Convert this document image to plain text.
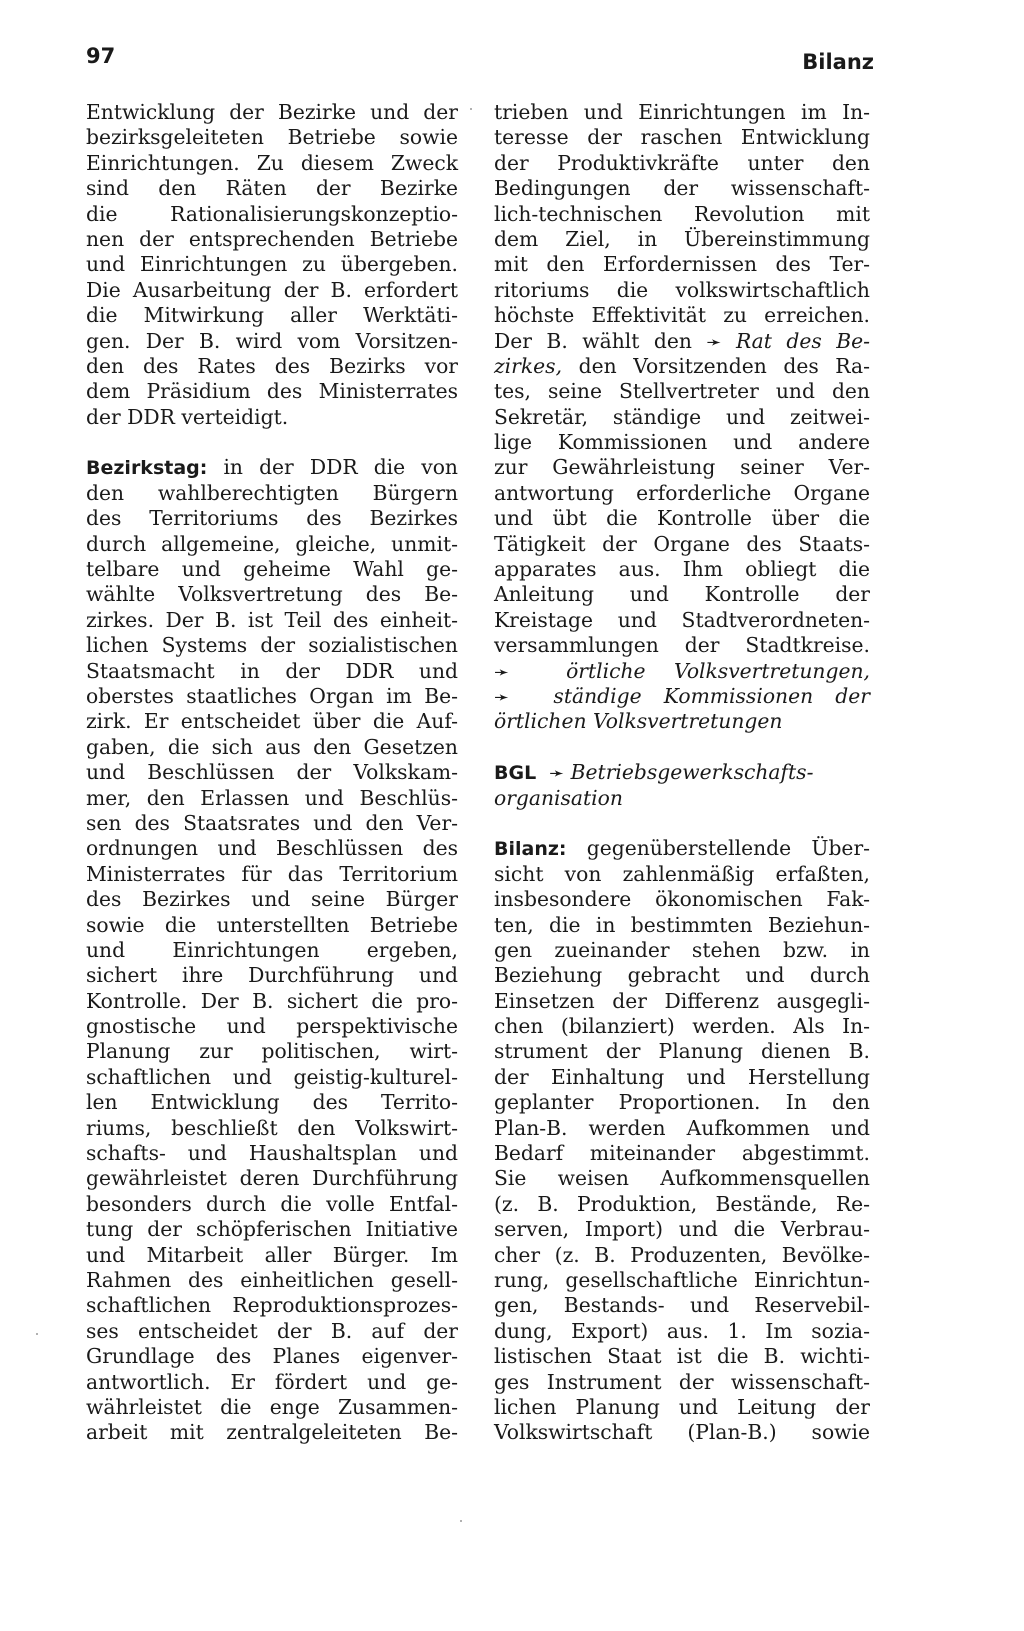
97	Bilanz
Entwicklung der Bezirke und der
bezirksgeleiteten Betriebe sowie
Einrichtungen. Zu diesem Zweck
sind den Räten der Bezirke
die Rationalisierungskonzeptio-
nen der entsprechenden Betriebe
und Einrichtungen zu übergeben.
Die Ausarbeitung der B. erfordert
die Mitwirkung aller Werktäti-
gen. Der B. wird vom Vorsitzen-
den des Rates des Bezirks vor
dem Präsidium des Ministerrates
der DDR verteidigt.
Bezirkstag: in der DDR die von
den wahlberechtigten Bürgern
des Territoriums des Bezirkes
durch allgemeine, gleiche, unmit-
telbare und geheime Wahl ge-
wählte Volksvertretung des Be-
zirkes. Der B. ist Teil des einheit-
lichen Systems der sozialistischen
Staatsmacht in der DDR und
oberstes staatliches Organ im Be-
zirk. Er entscheidet über die Auf-
gaben, die sich aus den Gesetzen
und Beschlüssen der Volkskam-
mer, den Erlassen und Beschlüs-
sen des Staatsrates und den Ver-
ordnungen und Beschlüssen des
Ministerrates für das Territorium
des Bezirkes und seine Bürger
sowie die unterstellten Betriebe
und Einrichtungen ergeben,
sichert ihre Durchführung und
Kontrolle. Der B. sichert die pro-
gnostische und perspektivische
Planung zur politischen, wirt-
schaftlichen und geistig-kulturel-
len Entwicklung des Territo-
riums, beschließt den Volkswirt-
schafts- und Haushaltsplan und
gewährleistet deren Durchführung
besonders durch die volle Entfal-
tung der schöpferischen Initiative
und Mitarbeit aller Bürger. Im
Rahmen des einheitlichen gesell-
schaftlichen Reproduktionsprozes-
ses entscheidet der B. auf der
Grundlage des Planes eigenver-
antwortlich. Er fördert und ge-
währleistet die enge Zusammen-
arbeit mit zentralgeleiteten Be-
trieben und Einrichtungen im In-
teresse der raschen Entwicklung
der Produktivkräfte unter den
Bedingungen der wissenschaft-
lich-technischen Revolution mit
dem Ziel, in Übereinstimmung
mit den Erfordernissen des Ter-
ritoriums die volkswirtschaftlich
höchste Effektivität zu erreichen.
Der B. wählt den ➛ Rat des Be-
zirkes, den Vorsitzenden des Ra-
tes, seine Stellvertreter und den
Sekretär, ständige und zeitwei-
lige Kommissionen und andere
zur Gewährleistung seiner Ver-
antwortung erforderliche Organe
und übt die Kontrolle über die
Tätigkeit der Organe des Staats-
apparates aus. Ihm obliegt die
Anleitung und Kontrolle der
Kreistage und Stadtverordneten-
versammlungen der Stadtkreise.
➛	örtliche Volksvertretungen,
➛ ständige Kommissionen der
örtlichen Volksvertretungen
BGL ➛ Betriebsgewerkschafts-
organisation
Bilanz: gegenüberstellende Über-
sicht von zahlenmäßig erfaßten,
insbesondere ökonomischen Fak-
ten, die in bestimmten Beziehun-
gen zueinander stehen bzw. in
Beziehung gebracht und durch
Einsetzen der Differenz ausgegli-
chen (bilanziert) werden. Als In-
strument der Planung dienen B.
der Einhaltung und Herstellung
geplanter Proportionen. In den
Plan-B. werden Aufkommen und
Bedarf miteinander abgestimmt.
Sie weisen Aufkommensquellen
(z. B. Produktion, Bestände, Re-
serven, Import) und die Verbrau-
cher (z. B. Produzenten, Bevölke-
rung, gesellschaftliche Einrichtun-
gen, Bestands- und Reservebil-
dung, Export) aus. 1. Im sozia-
listischen Staat ist die B. wichti-
ges Instrument der wissenschaft-
lichen Planung und Leitung der
Volkswirtschaft (Plan-B.) sowie
